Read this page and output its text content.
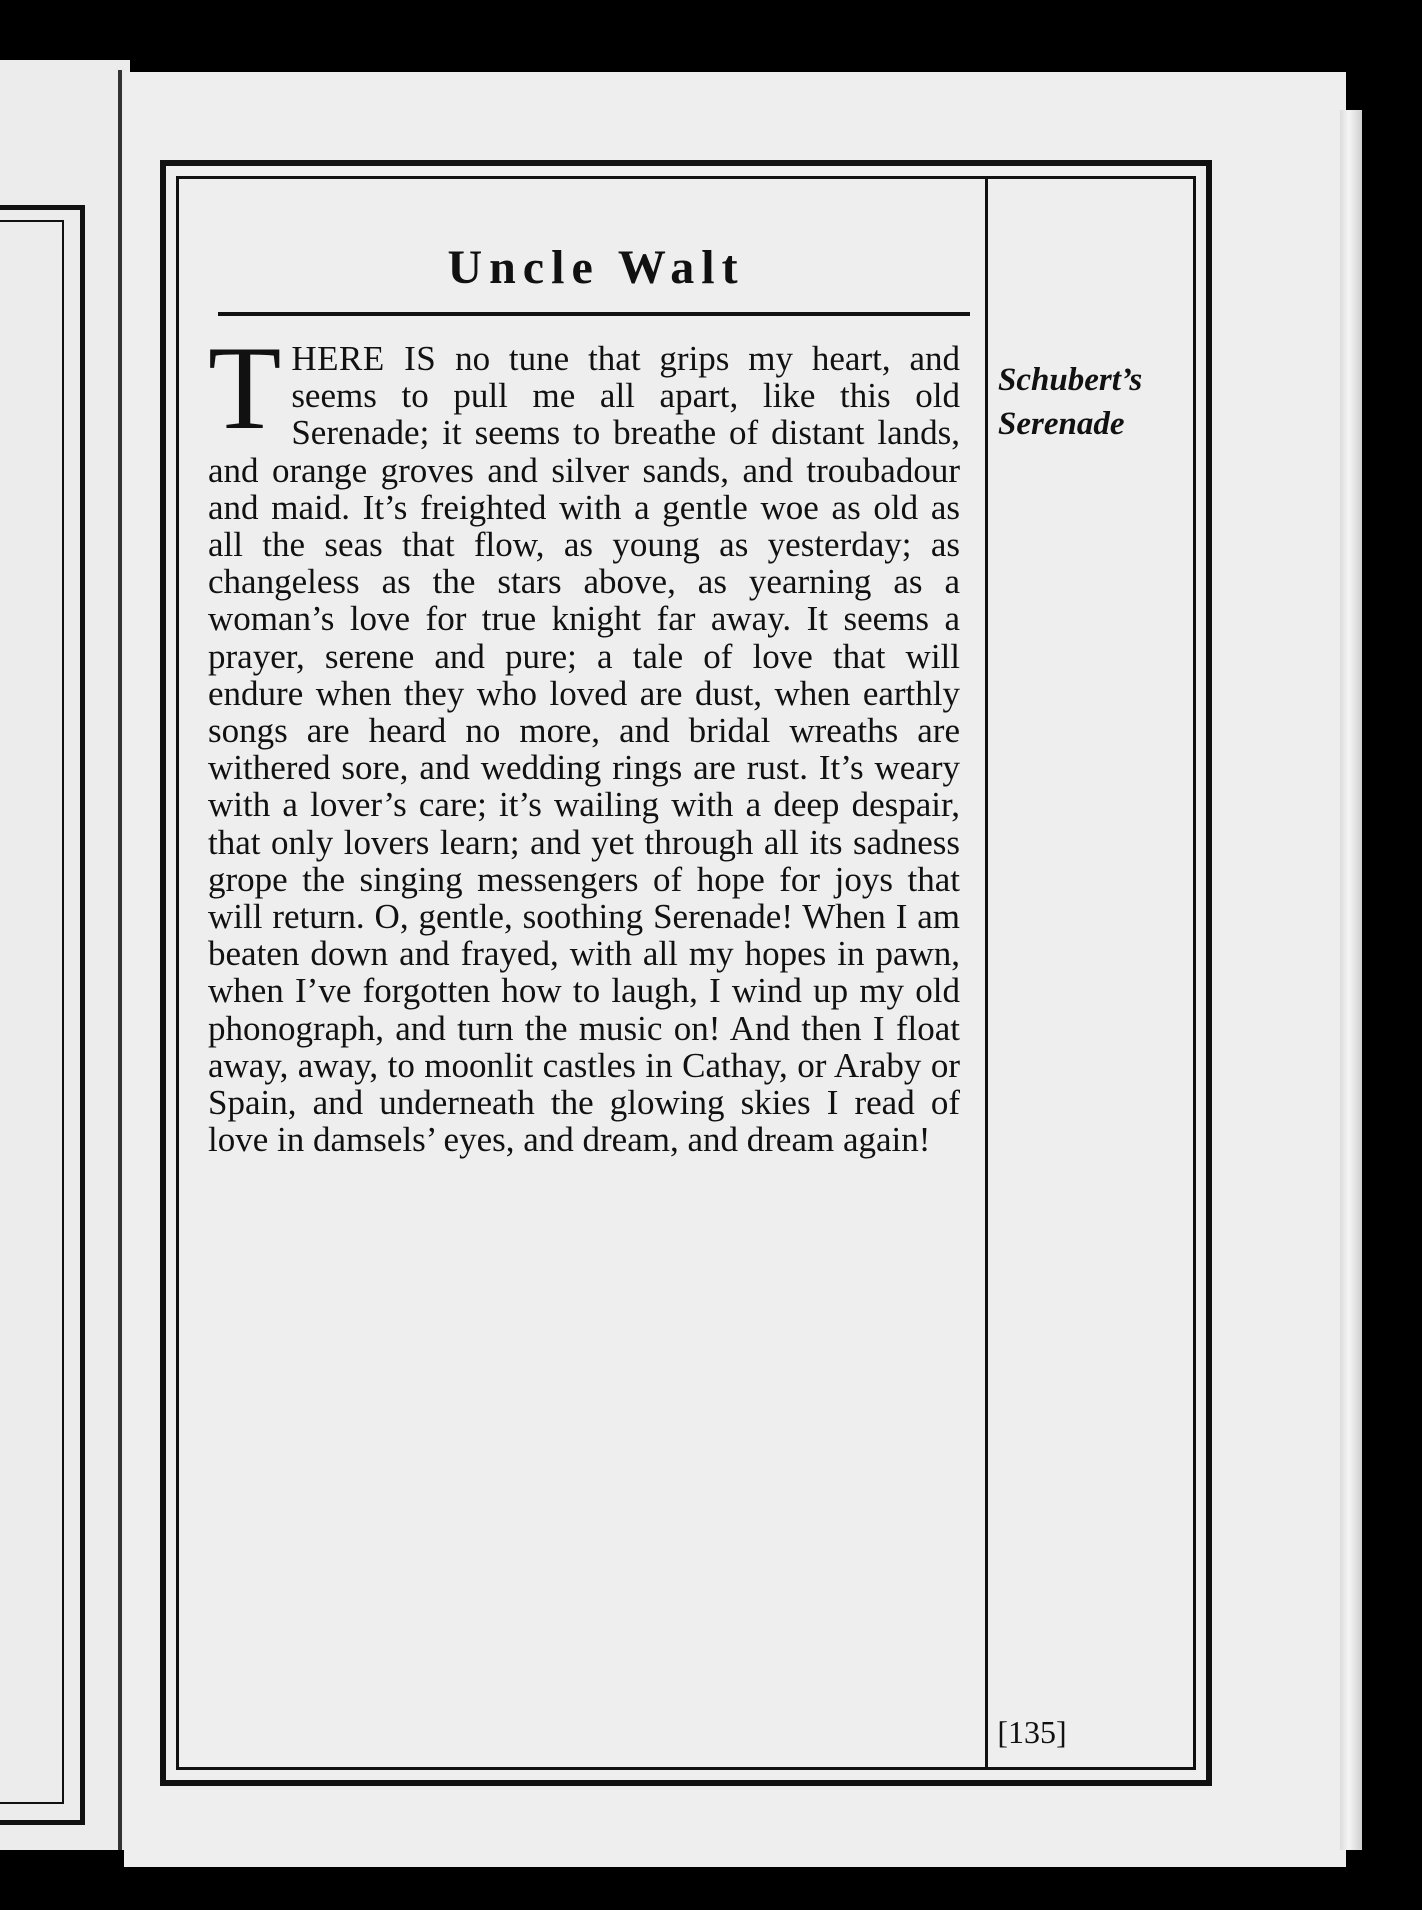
Uncle Walt
THERE IS no tune that grips my heart, and seems to pull me all apart, like this old Serenade; it seems to breathe of distant lands, and orange groves and silver sands, and troubadour and maid. It’s freighted with a gentle woe as old as all the seas that flow, as young as yesterday; as changeless as the stars above, as yearning as a woman’s love for true knight far away. It seems a prayer, serene and pure; a tale of love that will endure when they who loved are dust, when earthly songs are heard no more, and bridal wreaths are withered sore, and wedding rings are rust. It’s weary with a lover’s care; it’s wailing with a deep despair, that only lovers learn; and yet through all its sadness grope the singing messengers of hope for joys that will return. O, gentle, soothing Serenade! When I am beaten down and frayed, with all my hopes in pawn, when I’ve forgotten how to laugh, I wind up my old phonograph, and turn the music on! And then I float away, away, to moonlit castles in Cathay, or Araby or Spain, and underneath the glowing skies I read of love in damsels’ eyes, and dream, and dream again!
Schubert’s
Serenade
[135]
